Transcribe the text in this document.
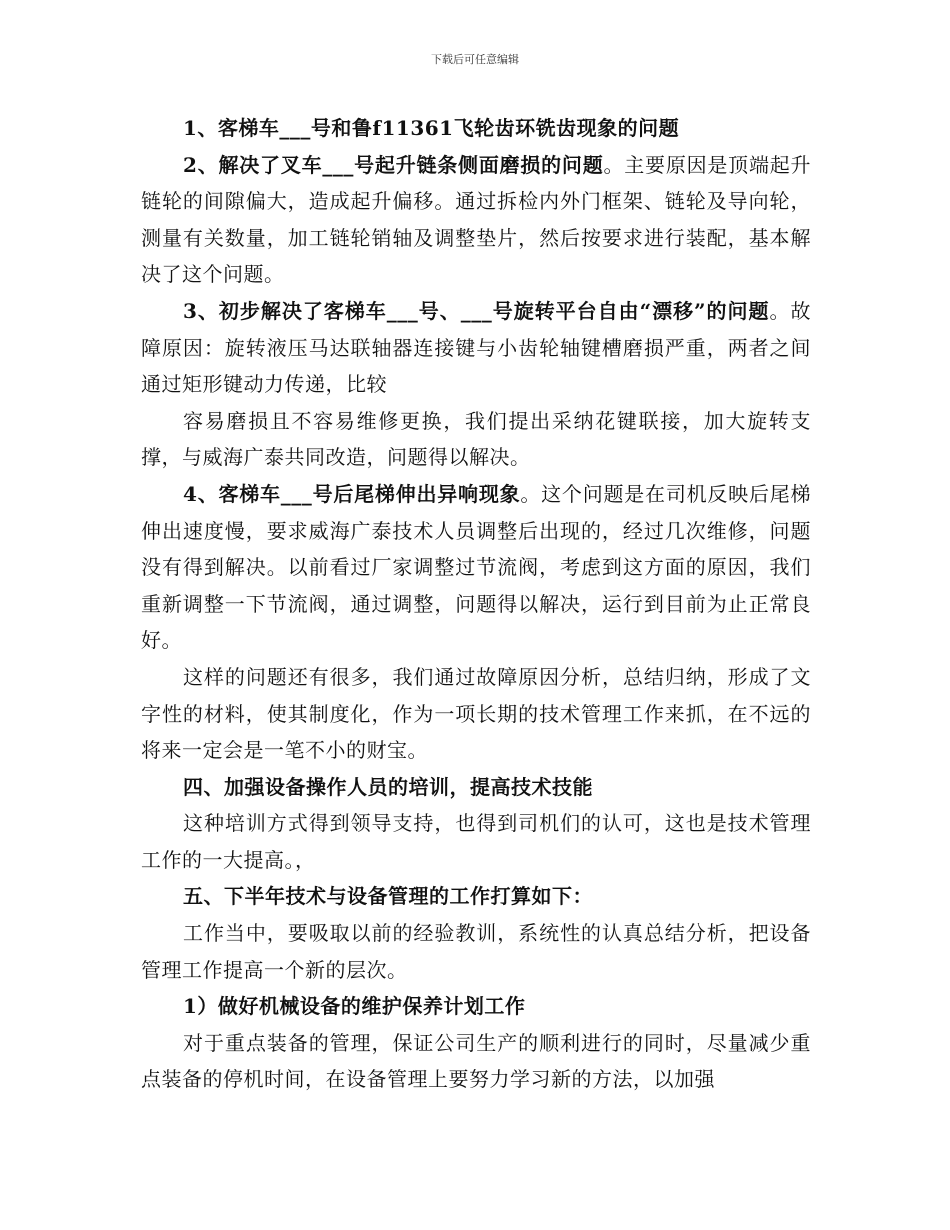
下载后可任意编辑

1、客梯车___号和鲁f11361飞轮齿环铣齿现象的问题

2、解决了叉车___号起升链条侧面磨损的问题。主要原因是顶端起升链轮的间隙偏大，造成起升偏移。通过拆检内外门框架、链轮及导向轮，测量有关数量，加工链轮销轴及调整垫片，然后按要求进行装配，基本解决了这个问题。

3、初步解决了客梯车___号、___号旋转平台自由“漂移”的问题。故障原因：旋转液压马达联轴器连接键与小齿轮轴键槽磨损严重，两者之间通过矩形键动力传递，比较

容易磨损且不容易维修更换，我们提出采纳花键联接，加大旋转支撑，与威海广泰共同改造，问题得以解决。

4、客梯车___号后尾梯伸出异响现象。这个问题是在司机反映后尾梯伸出速度慢，要求威海广泰技术人员调整后出现的，经过几次维修，问题没有得到解决。以前看过厂家调整过节流阀，考虑到这方面的原因，我们重新调整一下节流阀，通过调整，问题得以解决，运行到目前为止正常良好。

这样的问题还有很多，我们通过故障原因分析，总结归纳，形成了文字性的材料，使其制度化，作为一项长期的技术管理工作来抓，在不远的将来一定会是一笔不小的财宝。

四、加强设备操作人员的培训，提高技术技能

这种培训方式得到领导支持，也得到司机们的认可，这也是技术管理工作的一大提高。，

五、下半年技术与设备管理的工作打算如下：

工作当中，要吸取以前的经验教训，系统性的认真总结分析，把设备管理工作提高一个新的层次。

1）做好机械设备的维护保养计划工作

对于重点装备的管理，保证公司生产的顺利进行的同时，尽量减少重点装备的停机时间，在设备管理上要努力学习新的方法，以加强
